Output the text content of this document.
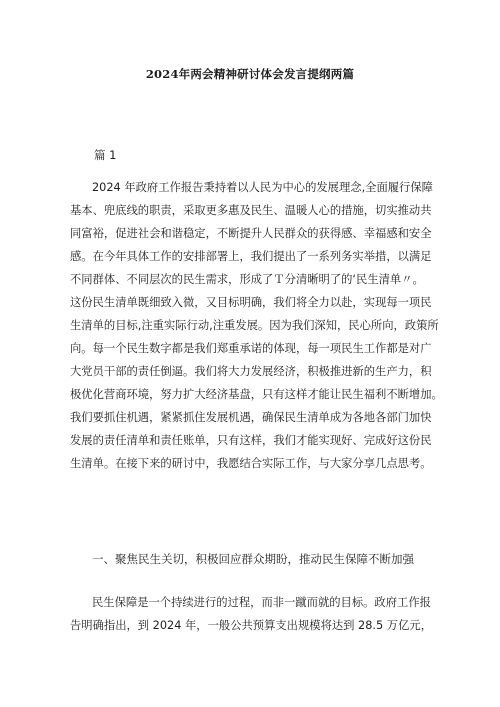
2024年两会精神研讨体会发言提纲两篇
篇 1
2024 年政府工作报告秉持着以人民为中心的发展理念,全面履行保障
基本、兜底线的职责，采取更多惠及民生、温暖人心的措施，切实推动共
同富裕，促进社会和谐稳定，不断提升人民群众的获得感、幸福感和安全
感。在今年具体工作的安排部署上，我们提出了一系列务实举措，以满足
不同群体、不同层次的民生需求，形成了Ｔ分清晰明了的‘民生清单〃。
这份民生清单既细致入微，又目标明确，我们将全力以赴，实现每一项民
生清单的目标,注重实际行动,注重发展。因为我们深知，民心所向，政策所
向。每一个民生数字都是我们郑重承诺的体现，每一项民生工作都是对广
大党员干部的责任倒逼。我们将大力发展经济，积极推进新的生产力，积
极优化营商环境，努力扩大经济基盘，只有这样才能让民生福利不断增加。
我们要抓住机遇，紧紧抓住发展机遇，确保民生清单成为各地各部门加快
发展的责任清单和责任账单，只有这样，我们才能实现好、完成好这份民
生清单。在接下来的研讨中，我愿结合实际工作，与大家分享几点思考。
一、聚焦民生关切，积极回应群众期盼，推动民生保障不断加强
民生保障是一个持续进行的过程，而非一蹴而就的目标。政府工作报
告明确指出，到 2024 年，一般公共预算支出规模将达到 28.5 万亿元，
